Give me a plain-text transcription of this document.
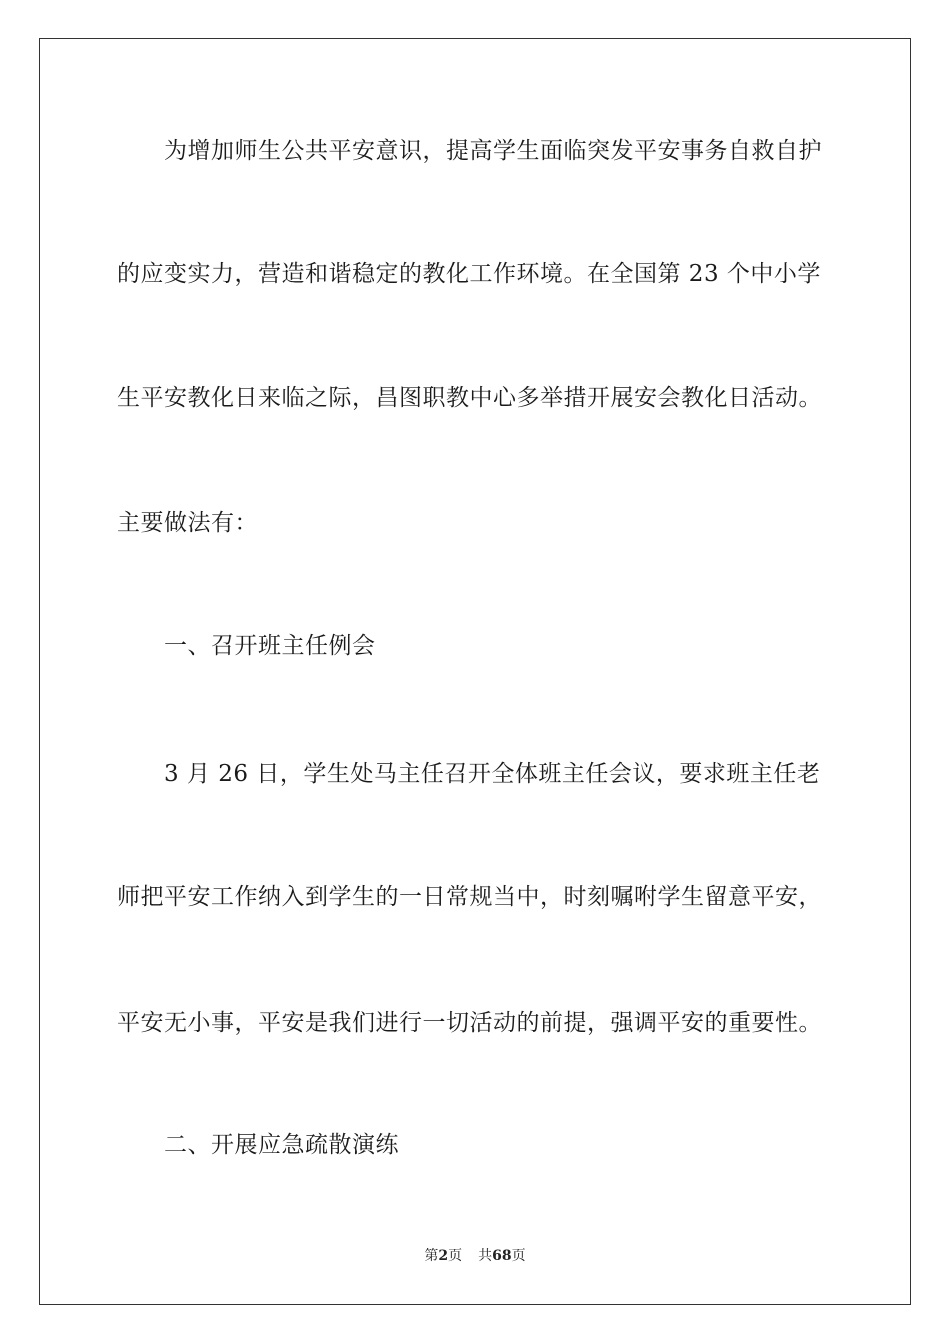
为增加师生公共平安意识，提高学生面临突发平安事务自救自护
的应变实力，营造和谐稳定的教化工作环境。在全国第 23 个中小学
生平安教化日来临之际，昌图职教中心多举措开展安会教化日活动。
主要做法有：
一、召开班主任例会
3 月 26 日，学生处马主任召开全体班主任会议，要求班主任老
师把平安工作纳入到学生的一日常规当中，时刻嘱咐学生留意平安，
平安无小事，平安是我们进行一切活动的前提，强调平安的重要性。
二、开展应急疏散演练
第2页 共68页
